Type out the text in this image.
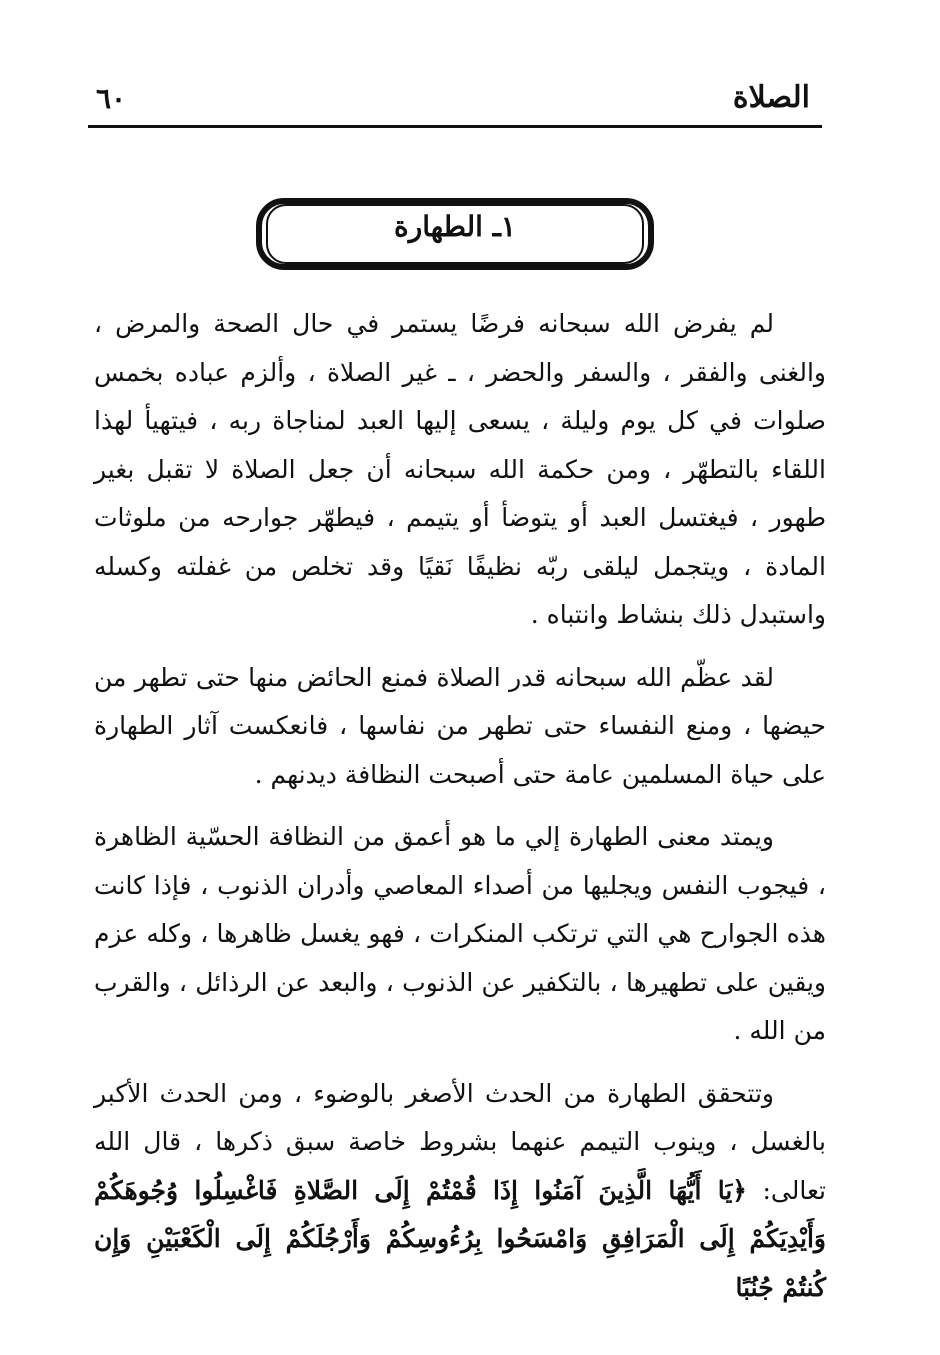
الصلاة
٦٠
١ـ الطهارة

لم يفرض الله سبحانه فرضًا يستمر في حال الصحة والمرض ، والغنى والفقر ، والسفر والحضر ، ـ غير الصلاة ، وألزم عباده بخمس صلوات في كل يوم وليلة ، يسعى إليها العبد لمناجاة ربه ، فيتهيأ لهذا اللقاء بالتطهّر ، ومن حكمة الله سبحانه أن جعل الصلاة لا تقبل بغير طهور ، فيغتسل العبد أو يتوضأ أو يتيمم ، فيطهّر جوارحه من ملوثات المادة ، ويتجمل ليلقى ربّه نظيفًا نَقيًا وقد تخلص من غفلته وكسله واستبدل ذلك بنشاط وانتباه .

لقد عظّم الله سبحانه قدر الصلاة فمنع الحائض منها حتى تطهر من حيضها ، ومنع النفساء حتى تطهر من نفاسها ، فانعكست آثار الطهارة على حياة المسلمين عامة حتى أصبحت النظافة ديدنهم .

ويمتد معنى الطهارة إلي ما هو أعمق من النظافة الحسّية الظاهرة ، فيجوب النفس ويجليها من أصداء المعاصي وأدران الذنوب ، فإذا كانت هذه الجوارح هي التي ترتكب المنكرات ، فهو يغسل ظاهرها ، وكله عزم ويقين على تطهيرها ، بالتكفير عن الذنوب ، والبعد عن الرذائل ، والقرب من الله .

وتتحقق الطهارة من الحدث الأصغر بالوضوء ، ومن الحدث الأكبر بالغسل ، وينوب التيمم عنهما بشروط خاصة سبق ذكرها ، قال الله تعالى: ﴿يَا أَيُّهَا الَّذِينَ آمَنُوا إِذَا قُمْتُمْ إِلَى الصَّلاةِ فَاغْسِلُوا وُجُوهَكُمْ وَأَيْدِيَكُمْ إِلَى الْمَرَافِقِ وَامْسَحُوا بِرُءُوسِكُمْ وَأَرْجُلَكُمْ إِلَى الْكَعْبَيْنِ وَإِن كُنتُمْ جُنُبًا
